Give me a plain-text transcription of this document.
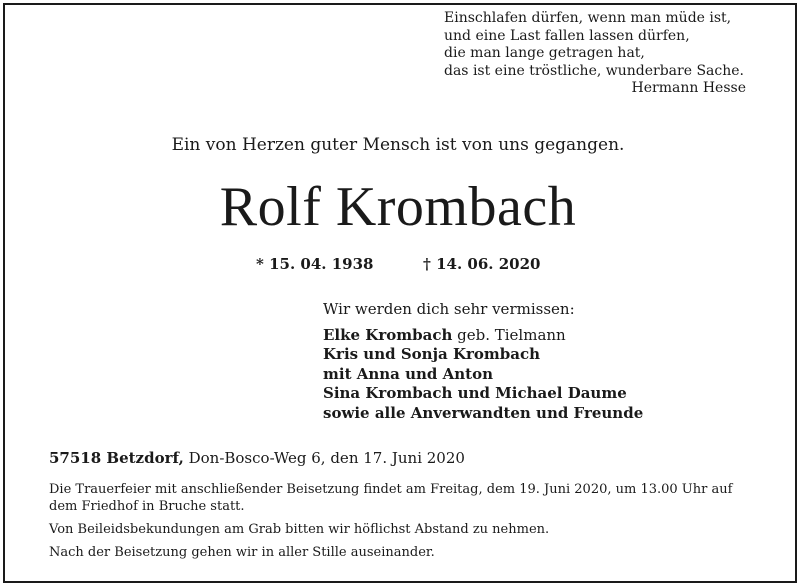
Einschlafen dürfen, wenn man müde ist,
und eine Last fallen lassen dürfen,
die man lange getragen hat,
das ist eine tröstliche, wunderbare Sache.
Hermann Hesse
Ein von Herzen guter Mensch ist von uns gegangen.
Rolf Krombach
* 15. 04. 1938	† 14. 06. 2020
Wir werden dich sehr vermissen:
Elke Krombach geb. Tielmann
Kris und Sonja Krombach
mit Anna und Anton
Sina Krombach und Michael Daume
sowie alle Anverwandten und Freunde
57518 Betzdorf, Don-Bosco-Weg 6, den 17. Juni 2020
Die Trauerfeier mit anschließender Beisetzung findet am Freitag, dem 19. Juni 2020, um 13.00 Uhr auf dem Friedhof in Bruche statt.
Von Beileidsbekundungen am Grab bitten wir höflichst Abstand zu nehmen.
Nach der Beisetzung gehen wir in aller Stille auseinander.
